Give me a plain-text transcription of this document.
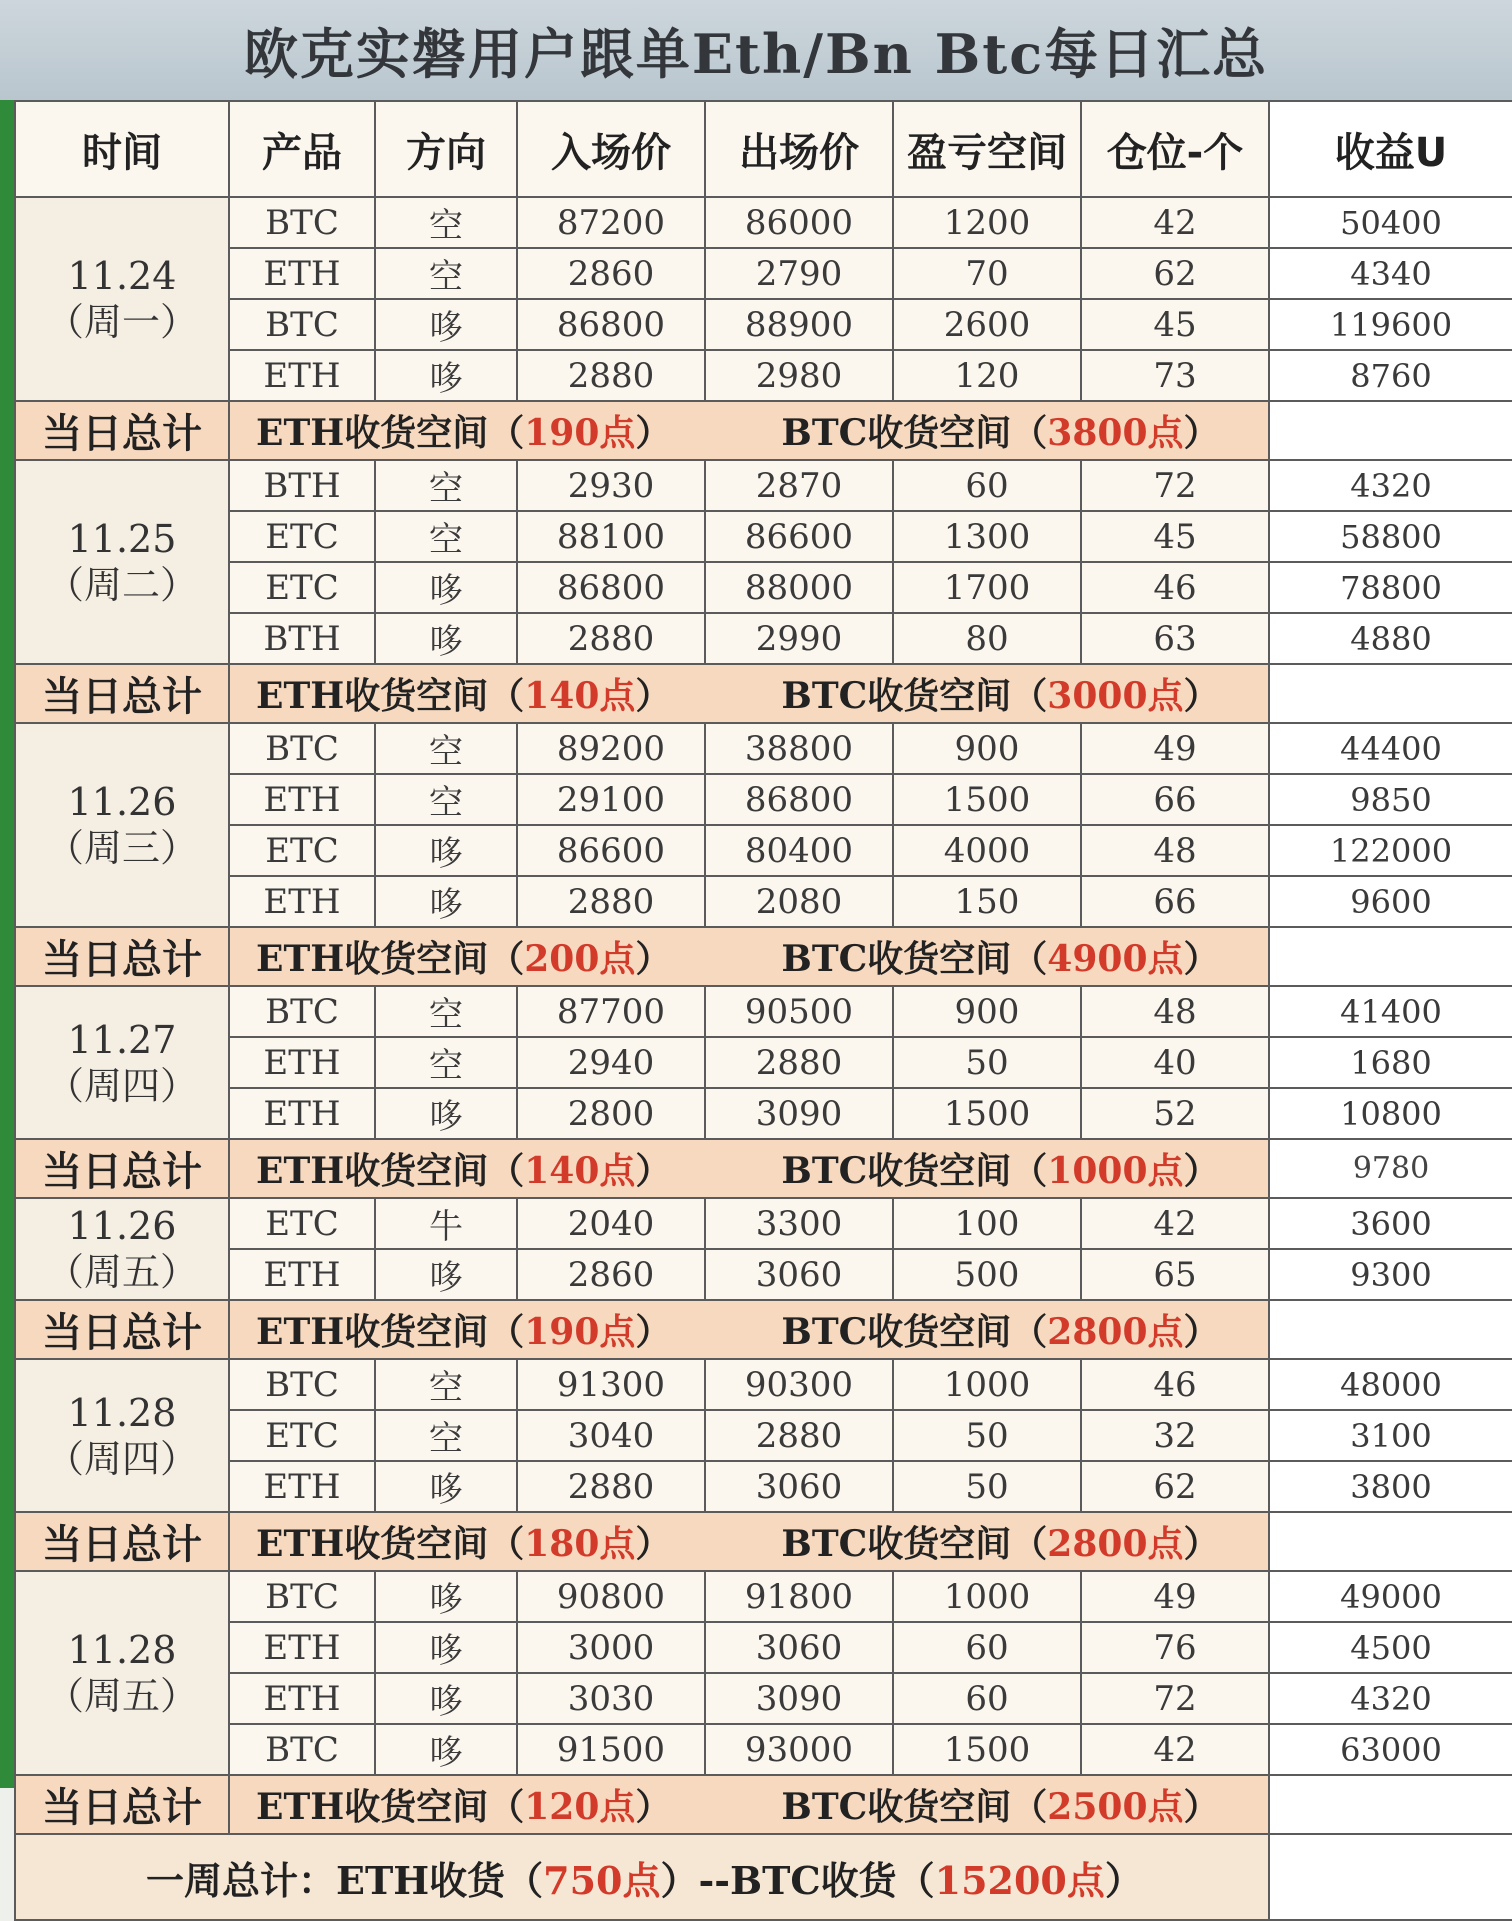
欧克实磐用户跟单Eth/Bn Btc每日汇总
时间	产品	方向	入场价	出场价	盈亏空间	仓位-个	收益U
11.24
（周一）	BTC	空	87200	86000	1200	42	50400
	ETH	空	2860	2790	70	62	4340
	BTC	哆	86800	88900	2600	45	119600
	ETH	哆	2880	2980	120	73	8760
当日总计	ETH收货空间（190点） BTC收货空间（3800点）						
11.25
（周二）	BTH	空	2930	2870	60	72	4320
	ETC	空	88100	86600	1300	45	58800
	ETC	哆	86800	88000	1700	46	78800
	BTH	哆	2880	2990	80	63	4880
当日总计	ETH收货空间（140点） BTC收货空间（3000点）						
11.26
（周三）	BTC	空	89200	38800	900	49	44400
	ETH	空	29100	86800	1500	66	9850
	ETC	哆	86600	80400	4000	48	122000
	ETH	哆	2880	2080	150	66	9600
当日总计	ETH收货空间（200点） BTC收货空间（4900点）						
11.27
（周四）	BTC	空	87700	90500	900	48	41400
	ETH	空	2940	2880	50	40	1680
	ETH	哆	2800	3090	1500	52	10800
当日总计	ETH收货空间（140点） BTC收货空间（1000点）						9780
11.26
（周五）	ETC	牛	2040	3300	100	42	3600
	ETH	哆	2860	3060	500	65	9300
当日总计	ETH收货空间（190点） BTC收货空间（2800点）						
11.28
（周四）	BTC	空	91300	90300	1000	46	48000
	ETC	空	3040	2880	50	32	3100
	ETH	哆	2880	3060	50	62	3800
当日总计	ETH收货空间（180点） BTC收货空间（2800点）						
11.28
（周五）	BTC	哆	90800	91800	1000	49	49000
	ETH	哆	3000	3060	60	76	4500
	ETH	哆	3030	3090	60	72	4320
	BTC	哆	91500	93000	1500	42	63000
当日总计	ETH收货空间（120点） BTC收货空间（2500点）						
一周总计：ETH收货（750点）--BTC收货（15200点）							
